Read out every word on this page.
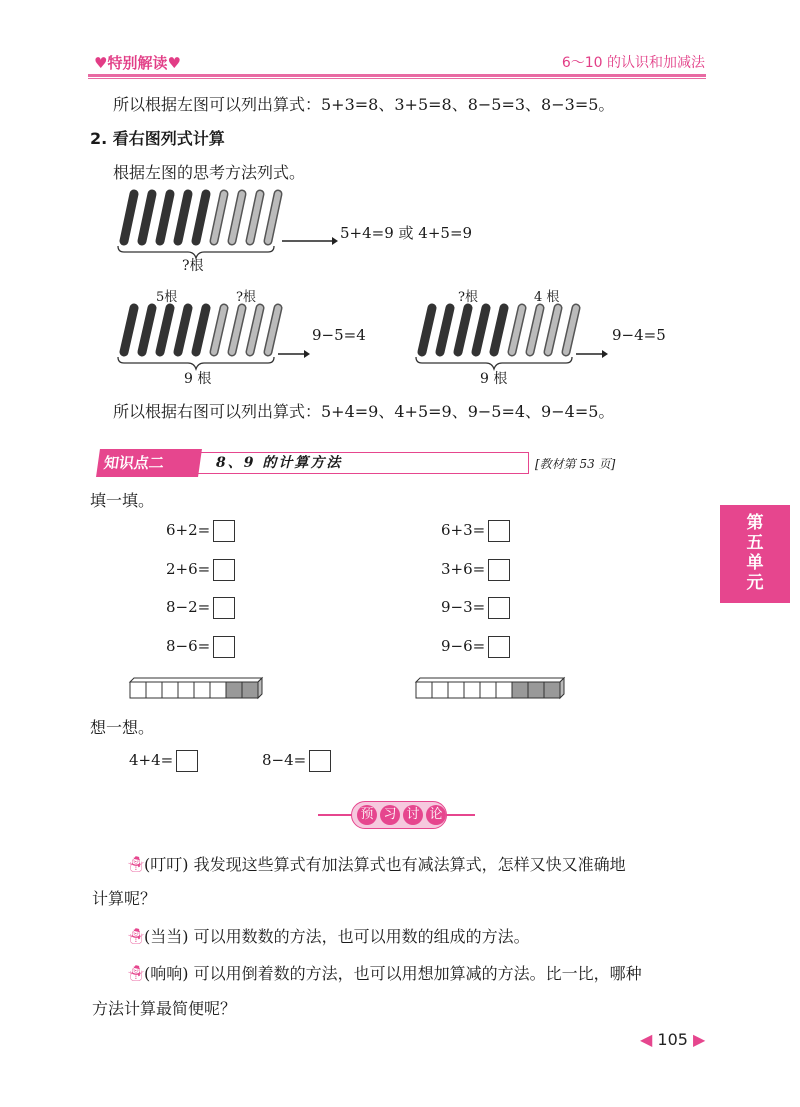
♥特别解读♥	6～10 的认识和加减法
所以根据左图可以列出算式：5+3=8、3+5=8、8−5=3、8−3=5。
2. 看右图列式计算
根据左图的思考方法列式。
?根
5+4=9 或 4+5=9
5根	?根
9 根
9−5=4
?根	4 根
9 根
9−4=5
所以根据右图可以列出算式：5+4=9、4+5=9、9−5=4、9−4=5。
知识点二	8、9 的计算方法	[教材第 53 页]
第
五
单
元
填一填。
6+2=
2+6=
8−2=
8−6=
6+3=
3+6=
9−3=
9−6=
想一想。
4+4=	8−4=
预 习 讨 论
☃(叮叮) 我发现这些算式有加法算式也有减法算式，怎样又快又准确地
计算呢？
☃(当当) 可以用数数的方法，也可以用数的组成的方法。
☃(响响) 可以用倒着数的方法，也可以用想加算减的方法。比一比，哪种
方法计算最简便呢？
◀ 105 ▶
